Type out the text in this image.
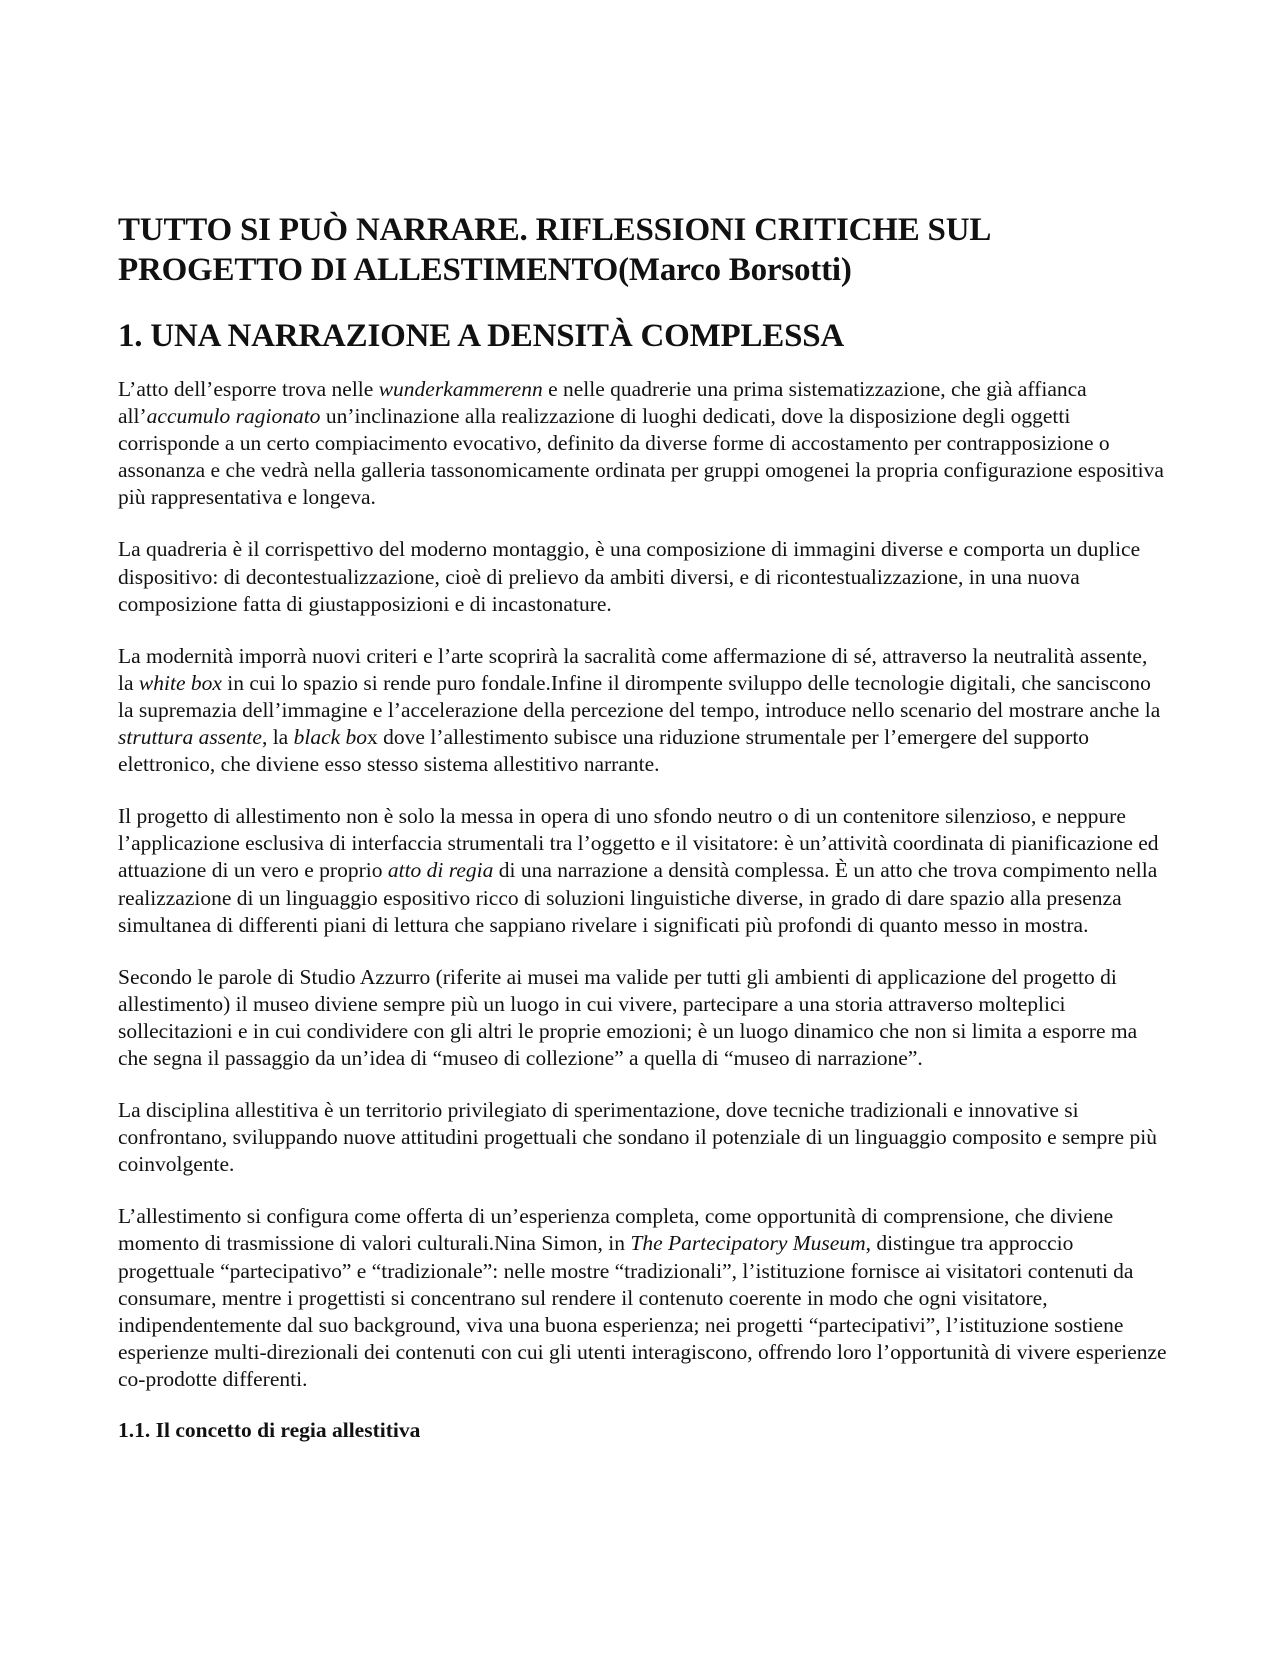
TUTTO SI PUÒ NARRARE. RIFLESSIONI CRITICHE SUL PROGETTO DI ALLESTIMENTO(Marco Borsotti)
1. UNA NARRAZIONE A DENSITÀ COMPLESSA

L’atto dell’esporre trova nelle wunderkammerenn e nelle quadrerie una prima sistematizzazione, che già affianca all’accumulo ragionato un’inclinazione alla realizzazione di luoghi dedicati, dove la disposizione degli oggetti corrisponde a un certo compiacimento evocativo, definito da diverse forme di accostamento per contrapposizione o assonanza e che vedrà nella galleria tassonomicamente ordinata per gruppi omogenei la propria configurazione espositiva più rappresentativa e longeva.

La quadreria è il corrispettivo del moderno montaggio, è una composizione di immagini diverse e comporta un duplice dispositivo: di decontestualizzazione, cioè di prelievo da ambiti diversi, e di ricontestualizzazione, in una nuova composizione fatta di giustapposizioni e di incastonature.

La modernità imporrà nuovi criteri e l’arte scoprirà la sacralità come affermazione di sé, attraverso la neutralità assente, la white box in cui lo spazio si rende puro fondale.Infine il dirompente sviluppo delle tecnologie digitali, che sanciscono la supremazia dell’immagine e l’accelerazione della percezione del tempo, introduce nello scenario del mostrare anche la struttura assente, la black box dove l’allestimento subisce una riduzione strumentale per l’emergere del supporto elettronico, che diviene esso stesso sistema allestitivo narrante.

Il progetto di allestimento non è solo la messa in opera di uno sfondo neutro o di un contenitore silenzioso, e neppure l’applicazione esclusiva di interfaccia strumentali tra l’oggetto e il visitatore: è un’attività coordinata di pianificazione ed attuazione di un vero e proprio atto di regia di una narrazione a densità complessa. È un atto che trova compimento nella realizzazione di un linguaggio espositivo ricco di soluzioni linguistiche diverse, in grado di dare spazio alla presenza simultanea di differenti piani di lettura che sappiano rivelare i significati più profondi di quanto messo in mostra.

Secondo le parole di Studio Azzurro (riferite ai musei ma valide per tutti gli ambienti di applicazione del progetto di allestimento) il museo diviene sempre più un luogo in cui vivere, partecipare a una storia attraverso molteplici sollecitazioni e in cui condividere con gli altri le proprie emozioni; è un luogo dinamico che non si limita a esporre ma che segna il passaggio da un’idea di “museo di collezione” a quella di “museo di narrazione”.

La disciplina allestitiva è un territorio privilegiato di sperimentazione, dove tecniche tradizionali e innovative si confrontano, sviluppando nuove attitudini progettuali che sondano il potenziale di un linguaggio composito e sempre più coinvolgente.

L’allestimento si configura come offerta di un’esperienza completa, come opportunità di comprensione, che diviene momento di trasmissione di valori culturali.Nina Simon, in The Partecipatory Museum, distingue tra approccio progettuale “partecipativo” e “tradizionale”: nelle mostre “tradizionali”, l’istituzione fornisce ai visitatori contenuti da consumare, mentre i progettisti si concentrano sul rendere il contenuto coerente in modo che ogni visitatore, indipendentemente dal suo background, viva una buona esperienza; nei progetti “partecipativi”, l’istituzione sostiene esperienze multi-direzionali dei contenuti con cui gli utenti interagiscono, offrendo loro l’opportunità di vivere esperienze co-prodotte differenti.

1.1. Il concetto di regia allestitiva
